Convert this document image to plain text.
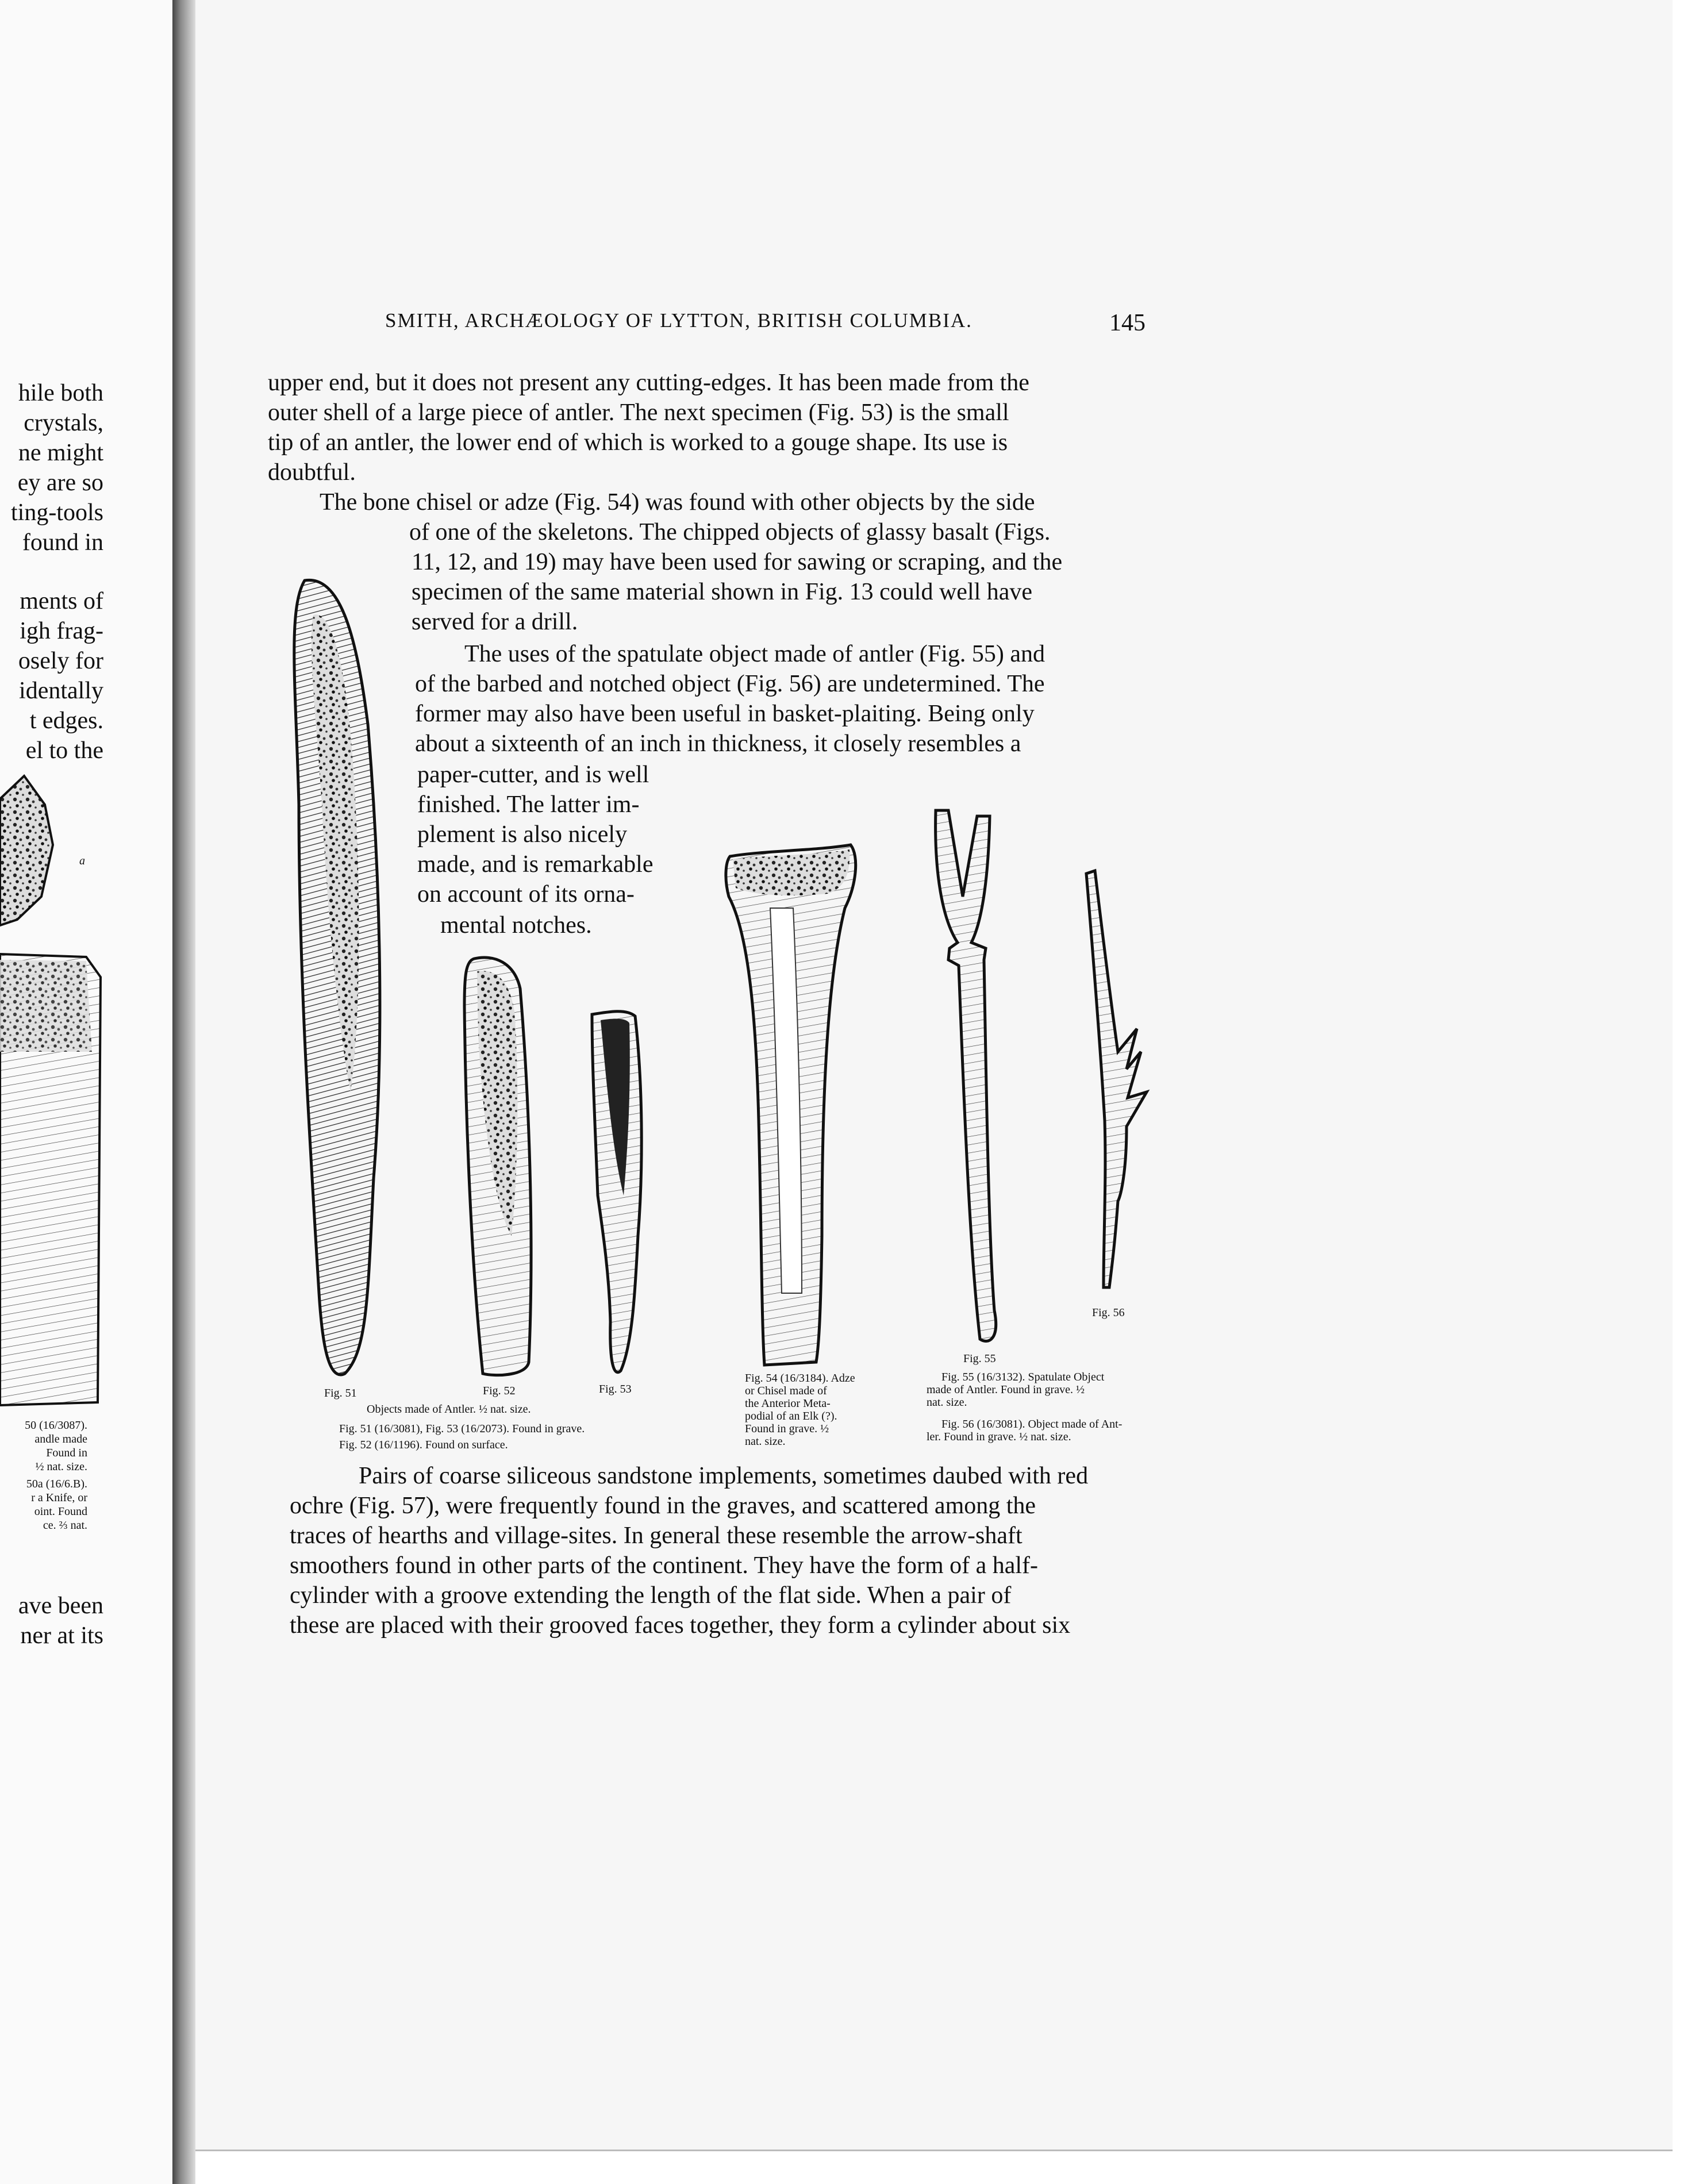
hile both
crystals,
ne might
ey are so
ting-tools
found in
ments of
igh frag-
osely for
identally
t edges.
el to the
a
50 (16/3087).
andle made
Found in
½ nat. size.
50a (16/6.B).
r a Knife, or
oint. Found
ce. ⅔ nat.
ave been
ner at its
SMITH, ARCHÆOLOGY OF LYTTON, BRITISH COLUMBIA.	145
upper end, but it does not present any cutting-edges. It has been made from the
outer shell of a large piece of antler. The next specimen (Fig. 53) is the small
tip of an antler, the lower end of which is worked to a gouge shape. Its use is
doubtful.
The bone chisel or adze (Fig. 54) was found with other objects by the side
of one of the skeletons. The chipped objects of glassy basalt (Figs.
11, 12, and 19) may have been used for sawing or scraping, and the
specimen of the same material shown in Fig. 13 could well have
served for a drill.
The uses of the spatulate object made of antler (Fig. 55) and
of the barbed and notched object (Fig. 56) are undetermined. The
former may also have been useful in basket-plaiting. Being only
about a sixteenth of an inch in thickness, it closely resembles a
paper-cutter, and is well
finished. The latter im-
plement is also nicely
made, and is remarkable
on account of its orna-
mental notches.
Fig. 51	Fig. 52	Fig. 53
Objects made of Antler. ½ nat. size.
Fig. 51 (16/3081), Fig. 53 (16/2073). Found in grave.
Fig. 52 (16/1196). Found on surface.
Fig. 54 (16/3184). Adze
or Chisel made of
the Anterior Meta-
podial of an Elk (?).
Found in grave. ½
nat. size.
Fig. 55
Fig. 56
Fig. 55 (16/3132). Spatulate Object
made of Antler. Found in grave. ½
nat. size.
Fig. 56 (16/3081). Object made of Ant-
ler. Found in grave. ½ nat. size.
Pairs of coarse siliceous sandstone implements, sometimes daubed with red
ochre (Fig. 57), were frequently found in the graves, and scattered among the
traces of hearths and village-sites. In general these resemble the arrow-shaft
smoothers found in other parts of the continent. They have the form of a half-
cylinder with a groove extending the length of the flat side. When a pair of
these are placed with their grooved faces together, they form a cylinder about six
